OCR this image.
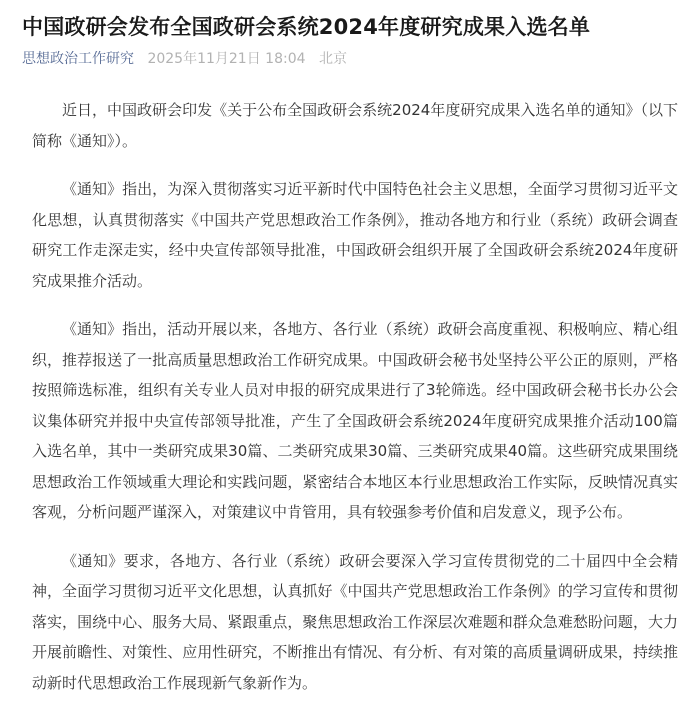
中国政研会发布全国政研会系统2024年度研究成果入选名单
思想政治工作研究 2025年11月21日 18:04 北京

近日，中国政研会印发《关于公布全国政研会系统2024年度研究成果入选名单的通知》（以下简称《通知》）。

《通知》指出，为深入贯彻落实习近平新时代中国特色社会主义思想，全面学习贯彻习近平文化思想，认真贯彻落实《中国共产党思想政治工作条例》，推动各地方和行业（系统）政研会调查研究工作走深走实，经中央宣传部领导批准，中国政研会组织开展了全国政研会系统2024年度研究成果推介活动。

《通知》指出，活动开展以来，各地方、各行业（系统）政研会高度重视、积极响应、精心组织，推荐报送了一批高质量思想政治工作研究成果。中国政研会秘书处坚持公平公正的原则，严格按照筛选标准，组织有关专业人员对申报的研究成果进行了3轮筛选。经中国政研会秘书长办公会议集体研究并报中央宣传部领导批准，产生了全国政研会系统2024年度研究成果推介活动100篇入选名单，其中一类研究成果30篇、二类研究成果30篇、三类研究成果40篇。这些研究成果围绕思想政治工作领域重大理论和实践问题，紧密结合本地区本行业思想政治工作实际，反映情况真实客观，分析问题严谨深入，对策建议中肯管用，具有较强参考价值和启发意义，现予公布。

《通知》要求，各地方、各行业（系统）政研会要深入学习宣传贯彻党的二十届四中全会精神，全面学习贯彻习近平文化思想，认真抓好《中国共产党思想政治工作条例》的学习宣传和贯彻落实，围绕中心、服务大局、紧跟重点，聚焦思想政治工作深层次难题和群众急难愁盼问题，大力开展前瞻性、对策性、应用性研究，不断推出有情况、有分析、有对策的高质量调研成果，持续推动新时代思想政治工作展现新气象新作为。
